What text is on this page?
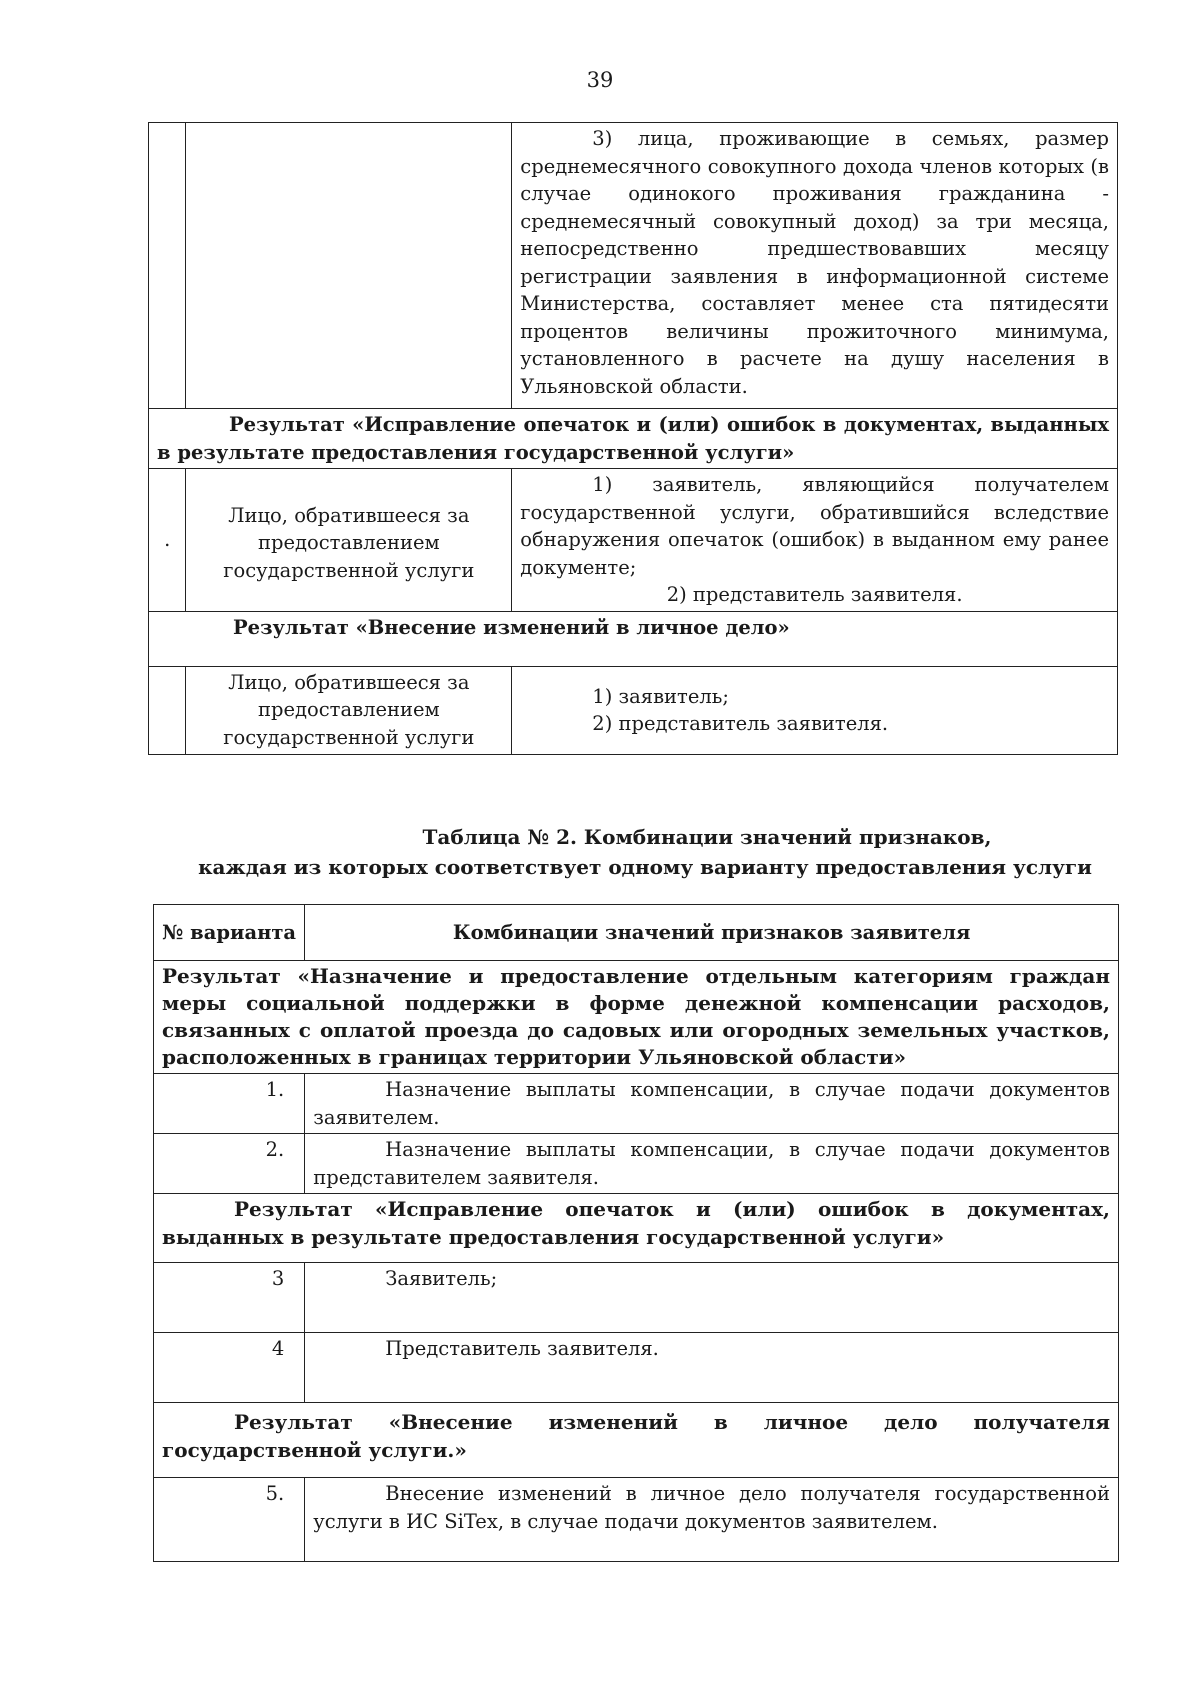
39
		3) лица, проживающие в семьях, размер среднемесячного совокупного дохода членов которых (в случае одинокого проживания гражданина - среднемесячный совокупный доход) за три месяца, непосредственно предшествовавших месяцу регистрации заявления в информационной системе Министерства, составляет менее ста пятидесяти процентов величины прожиточного минимума, установленного в расчете на душу населения в Ульяновской области.
Результат «Исправление опечаток и (или) ошибок в документах, выданных в результате предоставления государственной услуги»		
.	Лицо, обратившееся за предоставлением государственной услуги	1) заявитель, являющийся получателем государственной услуги, обратившийся вследствие обнаружения опечаток (ошибок) в выданном ему ранее документе;
2) представитель заявителя.

Результат «Внесение изменений в личное дело»		
	Лицо, обратившееся за предоставлением государственной услуги	1) заявитель;
2) представитель заявителя.
Таблица № 2. Комбинации значений признаков,
каждая из которых соответствует одному варианту предоставления услуги
№ варианта	Комбинации значений признаков заявителя
Результат «Назначение и предоставление отдельным категориям граждан меры социальной поддержки в форме денежной компенсации расходов, связанных с оплатой проезда до садовых или огородных земельных участков, расположенных в границах территории Ульяновской области»	
1.	Назначение выплаты компенсации, в случае подачи документов заявителем.
2.	Назначение выплаты компенсации, в случае подачи документов представителем заявителя.
Результат «Исправление опечаток и (или) ошибок в документах, выданных в результате предоставления государственной услуги»	
3	Заявитель;
4	Представитель заявителя.
Результат «Внесение изменений в личное дело получателя государственной услуги.»	
5.	Внесение изменений в личное дело получателя государственной услуги в ИС SiTex, в случае подачи документов заявителем.
